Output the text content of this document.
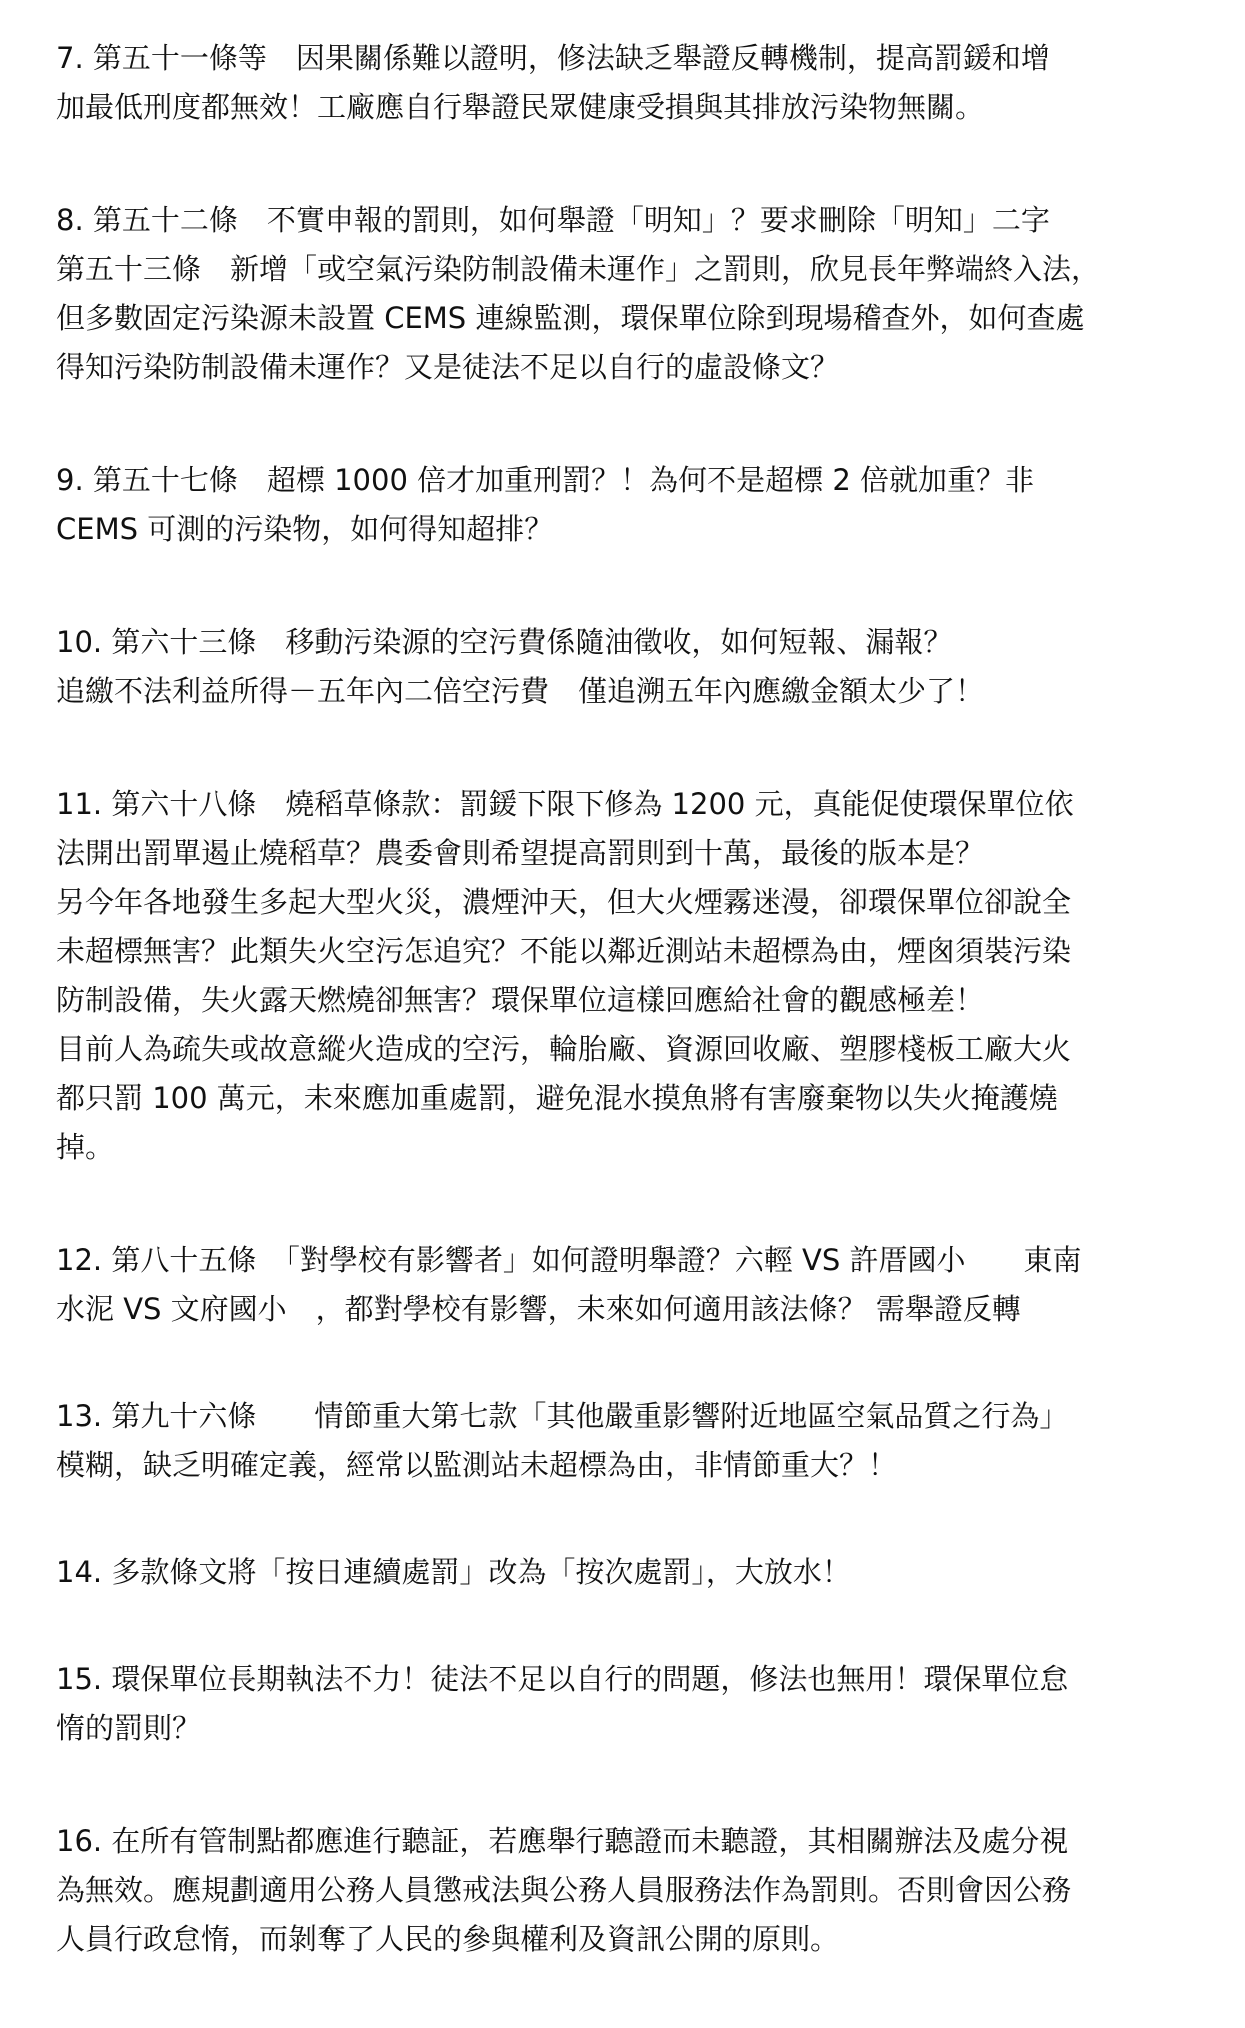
7. 第五十一條等　因果關係難以證明，修法缺乏舉證反轉機制，提高罰鍰和增
加最低刑度都無效！工廠應自行舉證民眾健康受損與其排放污染物無關。
8. 第五十二條　不實申報的罰則，如何舉證「明知」？要求刪除「明知」二字
第五十三條　新增「或空氣污染防制設備未運作」之罰則，欣見長年弊端終入法，
但多數固定污染源未設置 CEMS 連線監測，環保單位除到現場稽查外，如何查處
得知污染防制設備未運作？又是徒法不足以自行的虛設條文？
9. 第五十七條　超標 1000 倍才加重刑罰？！為何不是超標 2 倍就加重？非
CEMS 可測的污染物，如何得知超排？
10. 第六十三條　移動污染源的空污費係隨油徵收，如何短報、漏報？
追繳不法利益所得－五年內二倍空污費　僅追溯五年內應繳金額太少了！
11. 第六十八條　燒稻草條款：罰鍰下限下修為 1200 元，真能促使環保單位依
法開出罰單遏止燒稻草？農委會則希望提高罰則到十萬，最後的版本是？
另今年各地發生多起大型火災，濃煙沖天，但大火煙霧迷漫，卻環保單位卻說全
未超標無害？此類失火空污怎追究？不能以鄰近測站未超標為由，煙囪須裝污染
防制設備，失火露天燃燒卻無害？環保單位這樣回應給社會的觀感極差！
目前人為疏失或故意縱火造成的空污，輪胎廠、資源回收廠、塑膠棧板工廠大火
都只罰 100 萬元，未來應加重處罰，避免混水摸魚將有害廢棄物以失火掩護燒
掉。
12. 第八十五條　「對學校有影響者」如何證明舉證？六輕 VS 許厝國小　　東南
水泥 VS 文府國小　，都對學校有影響，未來如何適用該法條？ 需舉證反轉
13. 第九十六條　　情節重大第七款「其他嚴重影響附近地區空氣品質之行為」
模糊，缺乏明確定義，經常以監測站未超標為由，非情節重大？！
14. 多款條文將「按日連續處罰」改為「按次處罰」，大放水！
15. 環保單位長期執法不力！徒法不足以自行的問題，修法也無用！環保單位怠
惰的罰則？
16. 在所有管制點都應進行聽証，若應舉行聽證而未聽證，其相關辦法及處分視
為無效。應規劃適用公務人員懲戒法與公務人員服務法作為罰則。否則會因公務
人員行政怠惰，而剝奪了人民的參與權利及資訊公開的原則。
